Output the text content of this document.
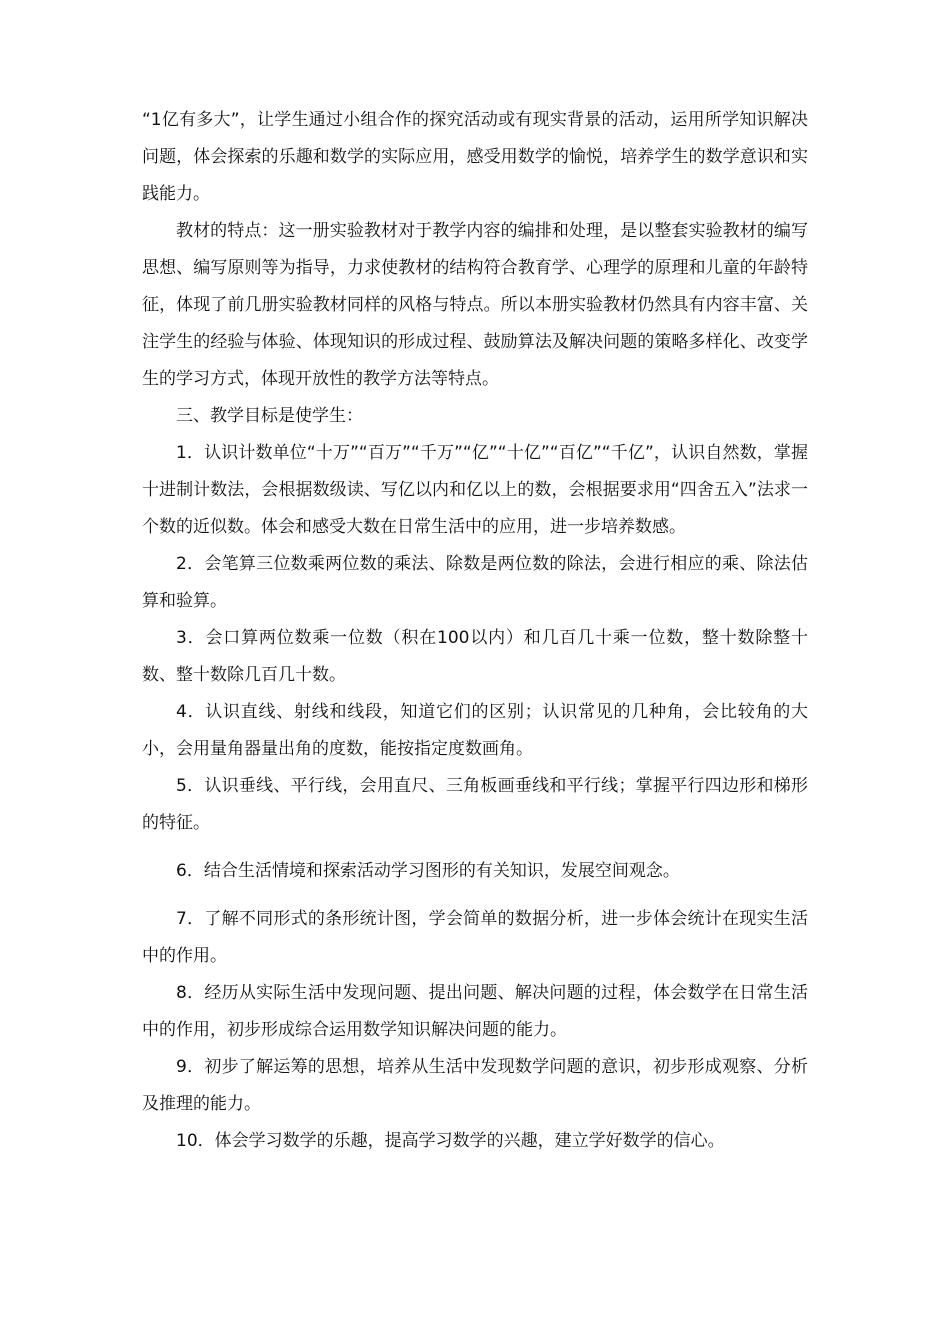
“1亿有多大”，让学生通过小组合作的探究活动或有现实背景的活动，运用所学知识解决问题，体会探索的乐趣和数学的实际应用，感受用数学的愉悦，培养学生的数学意识和实践能力。

教材的特点：这一册实验教材对于教学内容的编排和处理，是以整套实验教材的编写思想、编写原则等为指导，力求使教材的结构符合教育学、心理学的原理和儿童的年龄特征，体现了前几册实验教材同样的风格与特点。所以本册实验教材仍然具有内容丰富、关注学生的经验与体验、体现知识的形成过程、鼓励算法及解决问题的策略多样化、改变学生的学习方式，体现开放性的教学方法等特点。

三、教学目标是使学生：

1．认识计数单位“十万”“百万”“千万”“亿”“十亿”“百亿”“千亿”，认识自然数，掌握十进制计数法，会根据数级读、写亿以内和亿以上的数，会根据要求用“四舍五入”法求一个数的近似数。体会和感受大数在日常生活中的应用，进一步培养数感。

2．会笔算三位数乘两位数的乘法、除数是两位数的除法，会进行相应的乘、除法估算和验算。

3．会口算两位数乘一位数（积在100以内）和几百几十乘一位数，整十数除整十数、整十数除几百几十数。

4．认识直线、射线和线段，知道它们的区别；认识常见的几种角，会比较角的大小，会用量角器量出角的度数，能按指定度数画角。

5．认识垂线、平行线，会用直尺、三角板画垂线和平行线；掌握平行四边形和梯形的特征。

6．结合生活情境和探索活动学习图形的有关知识，发展空间观念。

7．了解不同形式的条形统计图，学会简单的数据分析，进一步体会统计在现实生活中的作用。

8．经历从实际生活中发现问题、提出问题、解决问题的过程，体会数学在日常生活中的作用，初步形成综合运用数学知识解决问题的能力。

9．初步了解运筹的思想，培养从生活中发现数学问题的意识，初步形成观察、分析及推理的能力。

10．体会学习数学的乐趣，提高学习数学的兴趣，建立学好数学的信心。
